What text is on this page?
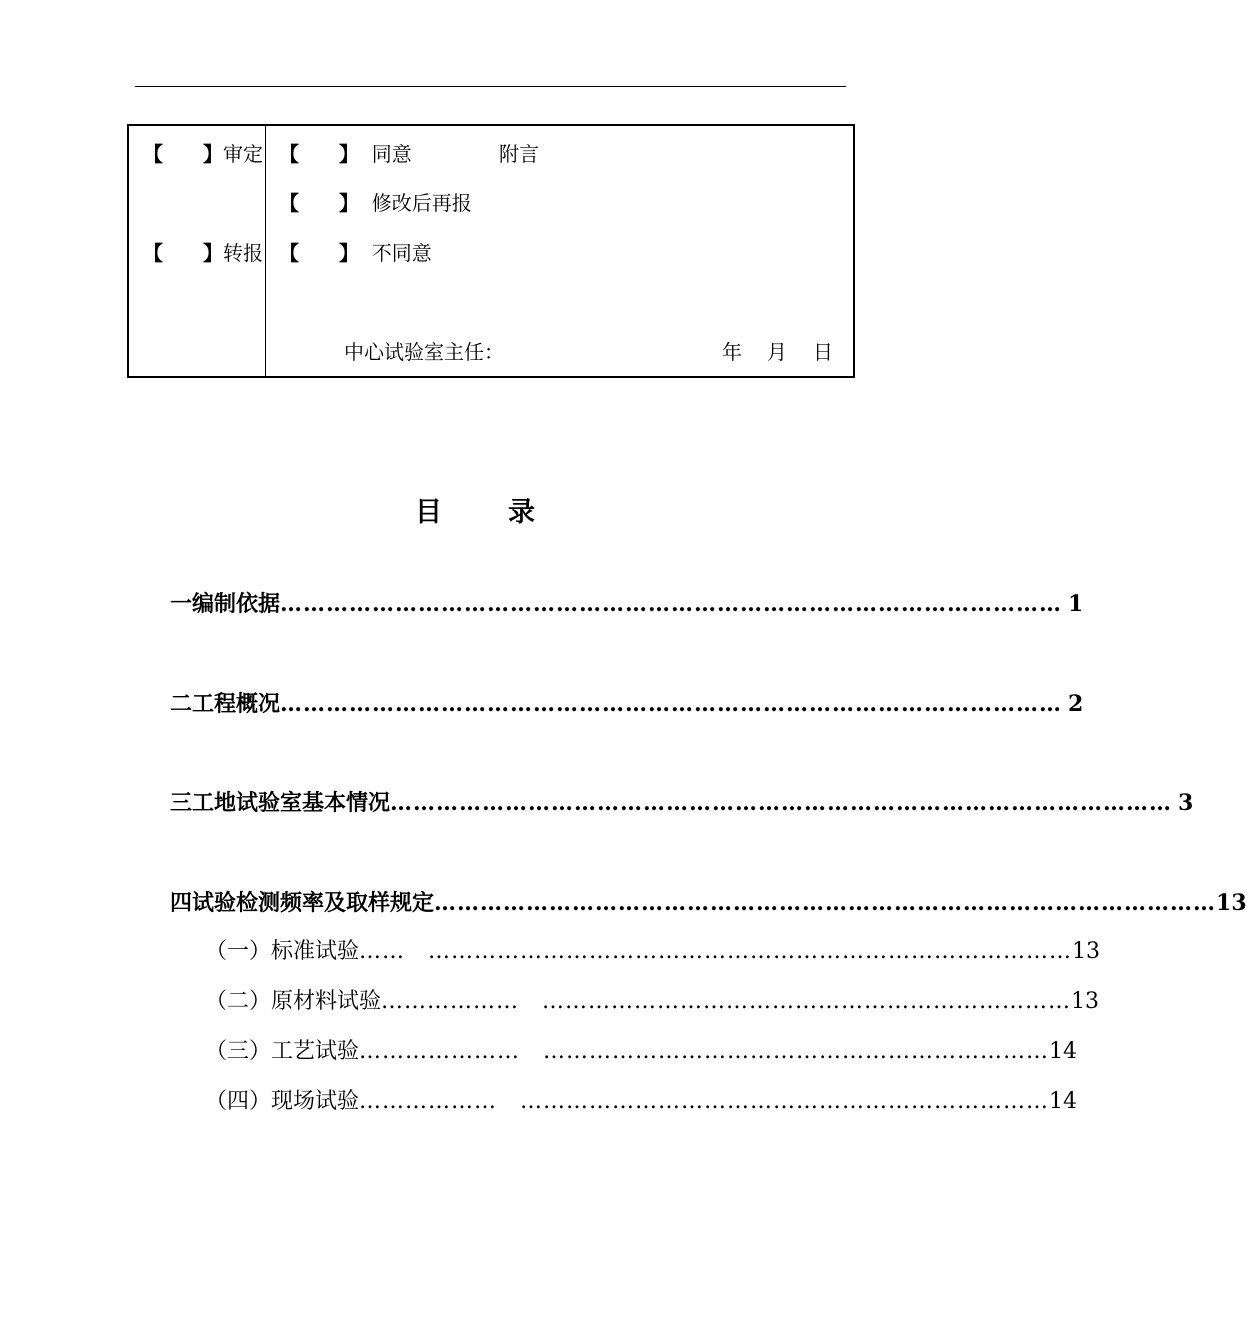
【　　】审定
【　　】转报
【　　】 同意	附言
【　　】 修改后再报
【　　】 不同意
中心试验室主任：	年 月 日
目 录
一 编制依据 ………………………………………………………………………………………… 1
二 工程概况 ………………………………………………………………………………………… 2
三 工地试验室基本情况 ………………………………………………………………………………………… 3
四 试验检测频率及取样规定 ………………………………………………………………………………………… 13
（一） 标准试验 ……　………………………………………………………………………… 13
（二） 原材料试验 ………………　…………………………………………………………… 13
（三） 工艺试验 …………………　………………………………………………………… 14
（四） 现场试验 ………………　…………………………………………………………… 14
